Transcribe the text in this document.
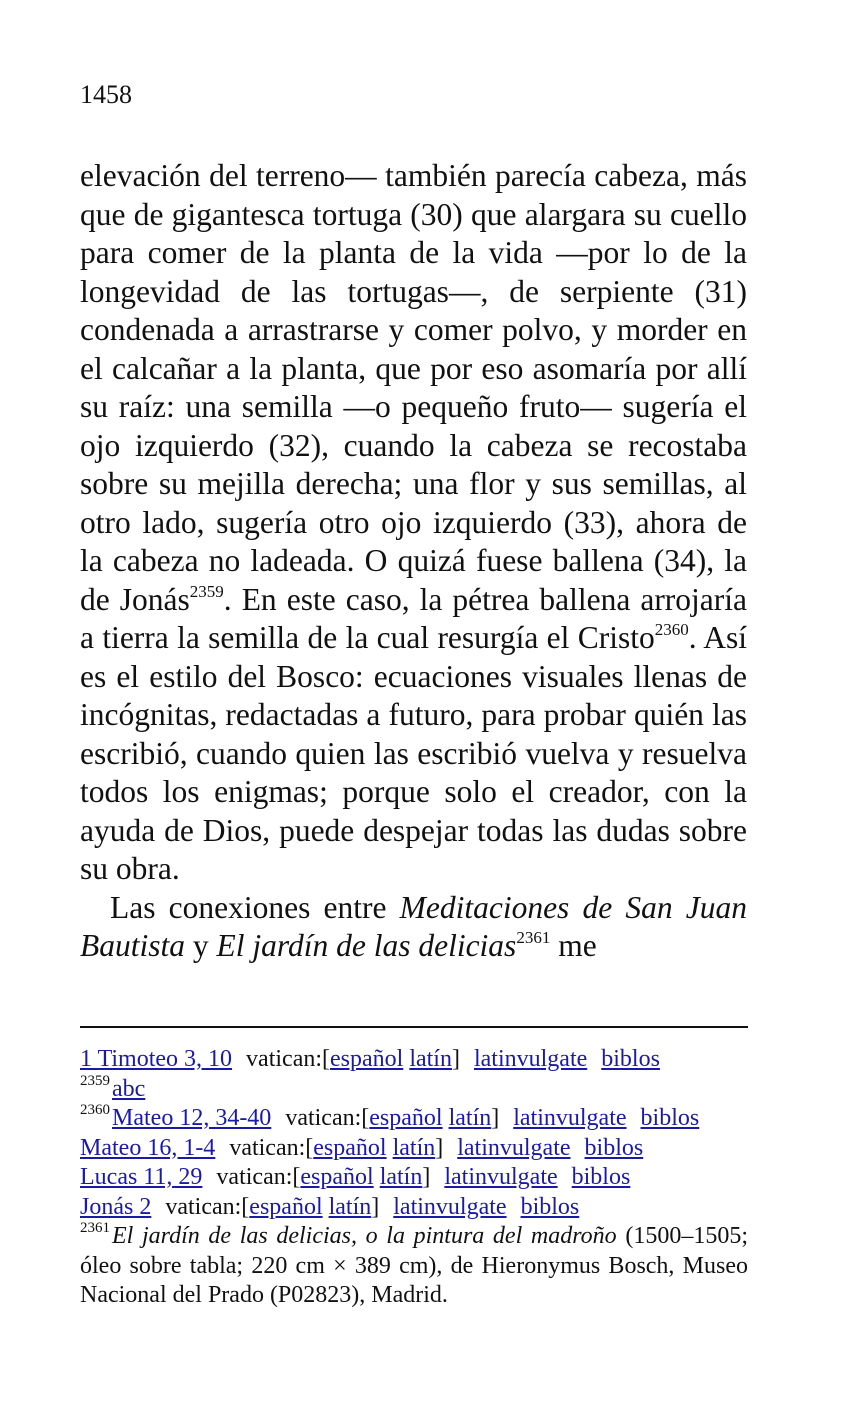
1458

elevación del terreno— también parecía cabeza, más que de gigantesca tortuga (30) que alargara su cuello para comer de la planta de la vida —por lo de la longevidad de las tortugas—, de serpiente (31) condenada a arrastrarse y comer polvo, y morder en el calcañar a la planta, que por eso asomaría por allí su raíz: una semilla —o pequeño fruto— sugería el ojo izquierdo (32), cuando la cabeza se recostaba sobre su mejilla derecha; una flor y sus semillas, al otro lado, sugería otro ojo izquierdo (33), ahora de la cabeza no ladeada. O quizá fuese ballena (34), la de Jonás$^{2359}$. En este caso, la pétrea ballena arrojaría a tierra la semilla de la cual resurgía el Cristo$^{2360}$. Así es el estilo del Bosco: ecuaciones visuales llenas de incógnitas, redactadas a futuro, para probar quién las escribió, cuando quien las escribió vuelva y resuelva todos los enigmas; porque solo el creador, con la ayuda de Dios, puede despejar todas las dudas sobre su obra.

Las conexiones entre Meditaciones de San Juan Bautista y El jardín de las delicias$^{2361}$ me

1 Timoteo 3, 10 vatican:[español latín] latinvulgate biblos
$^{2359}$abc
$^{2360}$Mateo 12, 34-40 vatican:[español latín] latinvulgate biblos
Mateo 16, 1-4 vatican:[español latín] latinvulgate biblos
Lucas 11, 29 vatican:[español latín] latinvulgate biblos
Jonás 2 vatican:[español latín] latinvulgate biblos
$^{2361}$El jardín de las delicias, o la pintura del madroño (1500–1505; óleo sobre tabla; 220 cm × 389 cm), de Hieronymus Bosch, Museo Nacional del Prado (P02823), Madrid.
